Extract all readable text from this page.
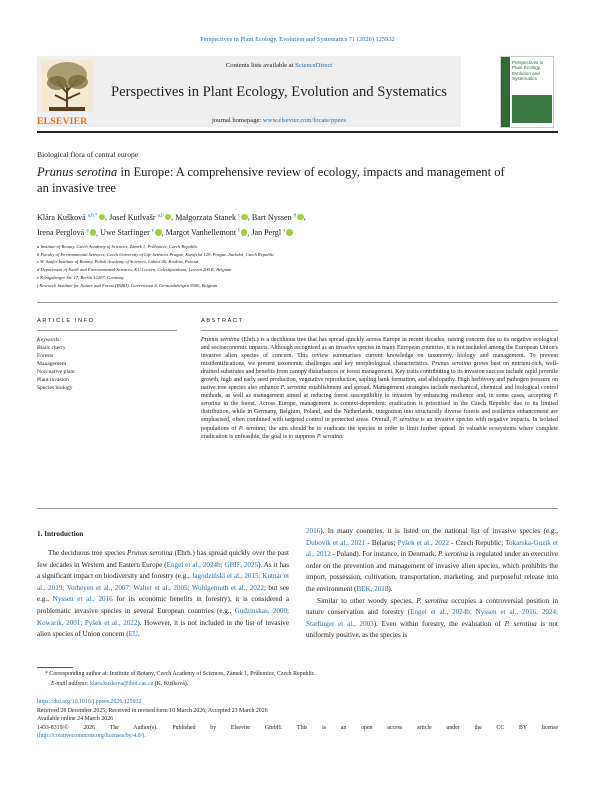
Perspectives in Plant Ecology, Evolution and Systematics 71 (2026) 125932
ELSEVIER
Contents lists available at ScienceDirect
Perspectives in Plant Ecology, Evolution and Systematics
journal homepage: www.elsevier.com/locate/ppees
Perspectives in Plant Ecology, Evolution and Systematics
Biological flora of central europe
Prunus serotina in Europe: A comprehensive review of ecology, impacts and management of an invasive tree
Klára Kušková $^{a,b,*}$ , Josef Kutlvašr $^{a,b}$ , Małgorzata Stanek $^c$ , Bart Nyssen $^d$ ,
Irena Perglová $^a$ , Uwe Starfinger $^e$ , Margot Vanhellemont $^f$ , Jan Pergl $^a$
a Institute of Botany, Czech Academy of Sciences, Zámek 1, Průhonice, Czech Republic
b Faculty of Environmental Sciences, Czech University of Life Sciences Prague, Kamýcká 129, Prague–Suchdol, Czech Republic
c W. Szafer Institute of Botany, Polish Academy of Sciences, Lubicz 46, Kraków, Poland
d Department of Earth and Environmental Sciences, KU Leuven, Celestijnenlaan, Leuven 200 E, Belgium
e Königsberger Str. 17, Berlin 12207, Germany
f Research Institute for Nature and Forest (INBO), Gaverstraat 4, Geraardsbergen 9500, Belgium
ARTICLE INFO
Keywords:
Black cherry
Forests
Management
Non-native plant
Plant invasion
Species biology
ABSTRACT
Prunus serotina (Ehrh.) is a deciduous tree that has spread quickly across Europe in recent decades, raising concern due to its negative ecological and socioeconomic impacts. Although recognised as an invasive species in many European countries, it is not included among the European Union's invasive alien species of concern. This review summarises current knowledge on taxonomy, biology and management. To prevent misidentifications, we present taxonomic challenges and key morphological characteristics. Prunus serotina grows best on nutrient-rich, well-drained substrates and benefits from canopy disturbances or forest management. Key traits contributing to its invasion success include rapid juvenile growth, high and early seed production, vegetative reproduction, sapling bank formation, and allelopathy. High herbivory and pathogen pressure on native tree species also enhance P. serotina establishment and spread. Management strategies include mechanical, chemical and biological control methods, as well as management aimed at reducing forest susceptibility to invasion by enhancing resilience and, in some cases, accepting P. serotina in the forest. Across Europe, management is context-dependent: eradication is prioritised in the Czech Republic due to its limited distribution, while in Germany, Belgium, Poland, and the Netherlands, integration into structurally diverse forests and resilience enhancement are emphasised, often combined with targeted control in protected areas. Overall, P. serotina is an invasive species with negative impacts. In isolated populations of P. serotina, the aim should be to eradicate the species in order to limit further spread. In valuable ecosystems where complete eradication is unfeasible, the goal is to suppress P. serotina.
1. Introduction
The deciduous tree species Prunus serotina (Ehrh.) has spread quickly over the past few decades in Western and Eastern Europe (Engel et al., 2024b; GBIF, 2025). As it has a significant impact on biodiversity and forestry (e.g., Jagodziński et al., 2015; Kutnar et al., 2019; Verheyen et al., 2007; Walter et al., 2005; Wohlgemuth et al., 2022; but see e.g., Nyssen et al., 2016 for its economic benefits in forestry), it is considered a problematic invasive species in several European countries (e.g., Gudzinskas, 2000; Kowarik, 2001; Pyšek et al., 2022). However, it is not included in the list of invasive alien species of Union concern (EU,
2016). In many countries, it is listed on the national list of invasive species (e.g., Dubovik et al., 2021 - Belarus; Pyšek et al., 2022 - Czech Republic; Tokarska-Guzik et al., 2012 - Poland). For instance, in Denmark, P. serotina is regulated under an executive order on the prevention and management of invasive alien species, which prohibits the import, possession, cultivation, transportation, marketing, and purposeful release into the environment (BEK, 2018).
Similar to other woody species, P. serotina occupies a controversial position in nature conservation and forestry (Engel et al., 2024b; Nyssen et al., 2016, 2024; Starfinger et al., 2003). Even within forestry, the evaluation of P. serotina is not uniformly positive, as the species is
* Corresponding author at: Institute of Botany, Czech Academy of Sciences, Zámek 1, Průhonice, Czech Republic.
E-mail address: klara.kuskova@ibot.cas.cz (K. Kušková).
https://doi.org/10.1016/j.ppees.2026.125932
Received 28 December 2025; Received in revised form 10 March 2026; Accepted 23 March 2026
Available online 24 March 2026
1433-8319/© 2026 The Author(s). Published by Elsevier GmbH. This is an open access article under the CC BY license
(http://creativecommons.org/licenses/by/4.0/).
